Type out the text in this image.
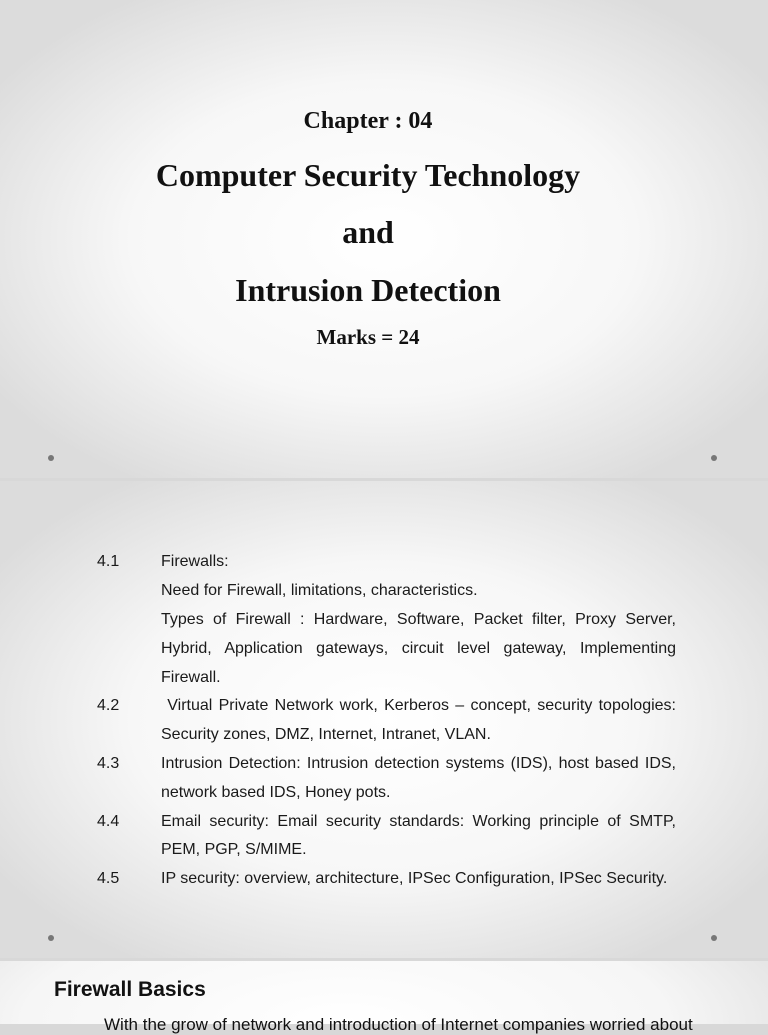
Chapter : 04
Computer Security Technology
and
Intrusion Detection
Marks = 24
4.1	Firewalls:
Need for Firewall, limitations, characteristics.
Types of Firewall : Hardware, Software, Packet filter, Proxy Server,
Hybrid, Application gateways, circuit level gateway, Implementing
Firewall.
4.2	Virtual Private Network work, Kerberos – concept, security topologies:
Security zones, DMZ, Internet, Intranet, VLAN.
4.3	Intrusion Detection: Intrusion detection systems (IDS), host based IDS,
network based IDS, Honey pots.
4.4	Email security: Email security standards: Working principle of SMTP,
PEM, PGP, S/MIME.
4.5	IP security: overview, architecture, IPSec Configuration, IPSec Security.
Firewall Basics
With the grow of network and introduction of Internet companies worried about
